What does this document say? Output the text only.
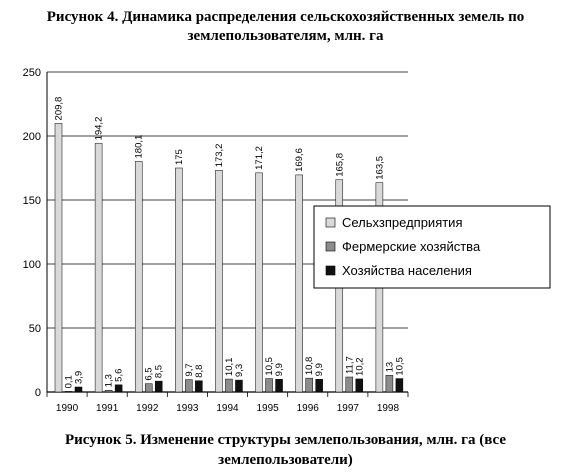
Рисунок 4. Динамика распределения сельскохозяйственных земель по
землепользователям, млн. га
0
50
100
150
200
250
209,8
0,1 3,9
194,2
1,3 5,6
180,1
6,5 8,5
175
9,7 8,8
173,2
10,1 9,3
171,2
10,5 9,9
169,6
10,8 9,9
165,8
11,7 10,2
163,5
13 10,5
1990 1991 1992 1993 1994 1995 1996 1997 1998
Сельхзпредприятия
Фермерские хозяйства
Хозяйства населения
Рисунок 5. Изменение структуры землепользования, млн. га (все
землепользователи)
